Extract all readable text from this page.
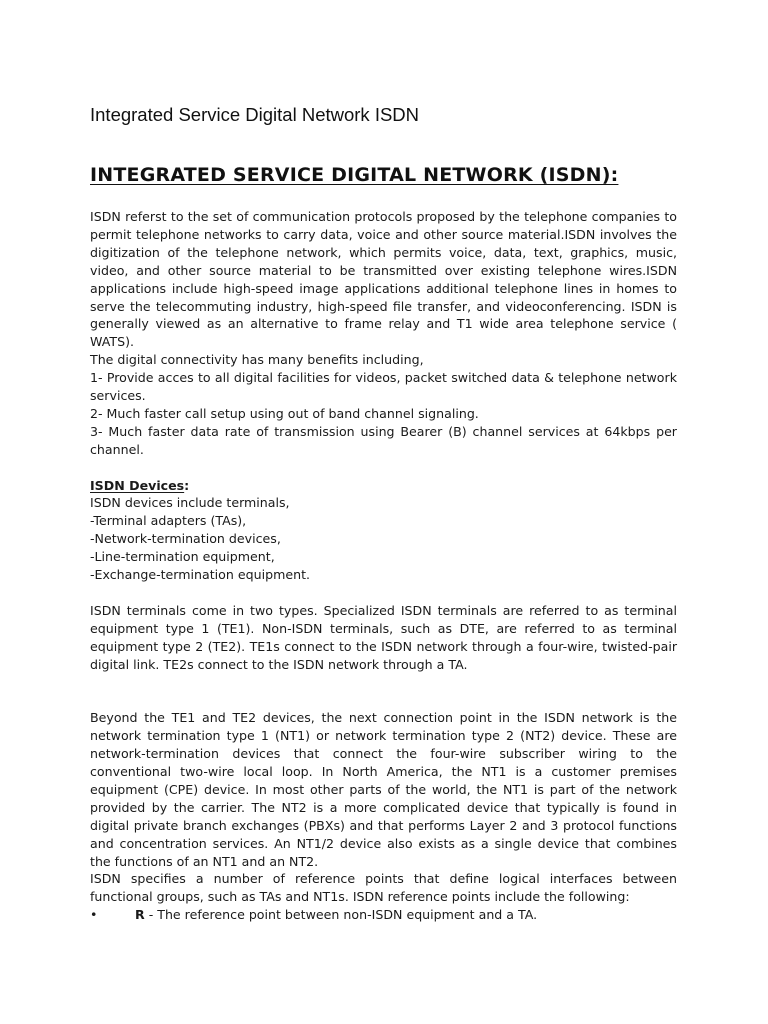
Integrated Service Digital Network ISDN
INTEGRATED SERVICE DIGITAL NETWORK (ISDN):

ISDN referst to the set of communication protocols proposed by the telephone companies to permit telephone networks to carry data, voice and other source material.ISDN involves the digitization of the telephone network, which permits voice, data, text, graphics, music, video, and other source material to be transmitted over existing telephone wires.ISDN applications include high-speed image applications additional telephone lines in homes to serve the telecommuting industry, high-speed file transfer, and videoconferencing. ISDN is generally viewed as an alternative to frame relay and T1 wide area telephone service ( WATS).

The digital connectivity has many benefits including,

1- Provide acces to all digital facilities for videos, packet switched data & telephone network services.

2- Much faster call setup using out of band channel signaling.

3- Much faster data rate of transmission using Bearer (B) channel services at 64kbps per channel.

ISDN Devices:

ISDN devices include terminals,

-Terminal adapters (TAs),

-Network-termination devices,

-Line-termination equipment,

-Exchange-termination equipment.

ISDN terminals come in two types. Specialized ISDN terminals are referred to as terminal equipment type 1 (TE1). Non-ISDN terminals, such as DTE, are referred to as terminal equipment type 2 (TE2). TE1s connect to the ISDN network through a four-wire, twisted-pair digital link. TE2s connect to the ISDN network through a TA.

Beyond the TE1 and TE2 devices, the next connection point in the ISDN network is the network termination type 1 (NT1) or network termination type 2 (NT2) device. These are network-termination devices that connect the four-wire subscriber wiring to the conventional two-wire local loop. In North America, the NT1 is a customer premises equipment (CPE) device. In most other parts of the world, the NT1 is part of the network provided by the carrier. The NT2 is a more complicated device that typically is found in digital private branch exchanges (PBXs) and that performs Layer 2 and 3 protocol functions and concentration services. An NT1/2 device also exists as a single device that combines the functions of an NT1 and an NT2.

ISDN specifies a number of reference points that define logical interfaces between functional groups, such as TAs and NT1s. ISDN reference points include the following:

•	R - The reference point between non-ISDN equipment and a TA.
